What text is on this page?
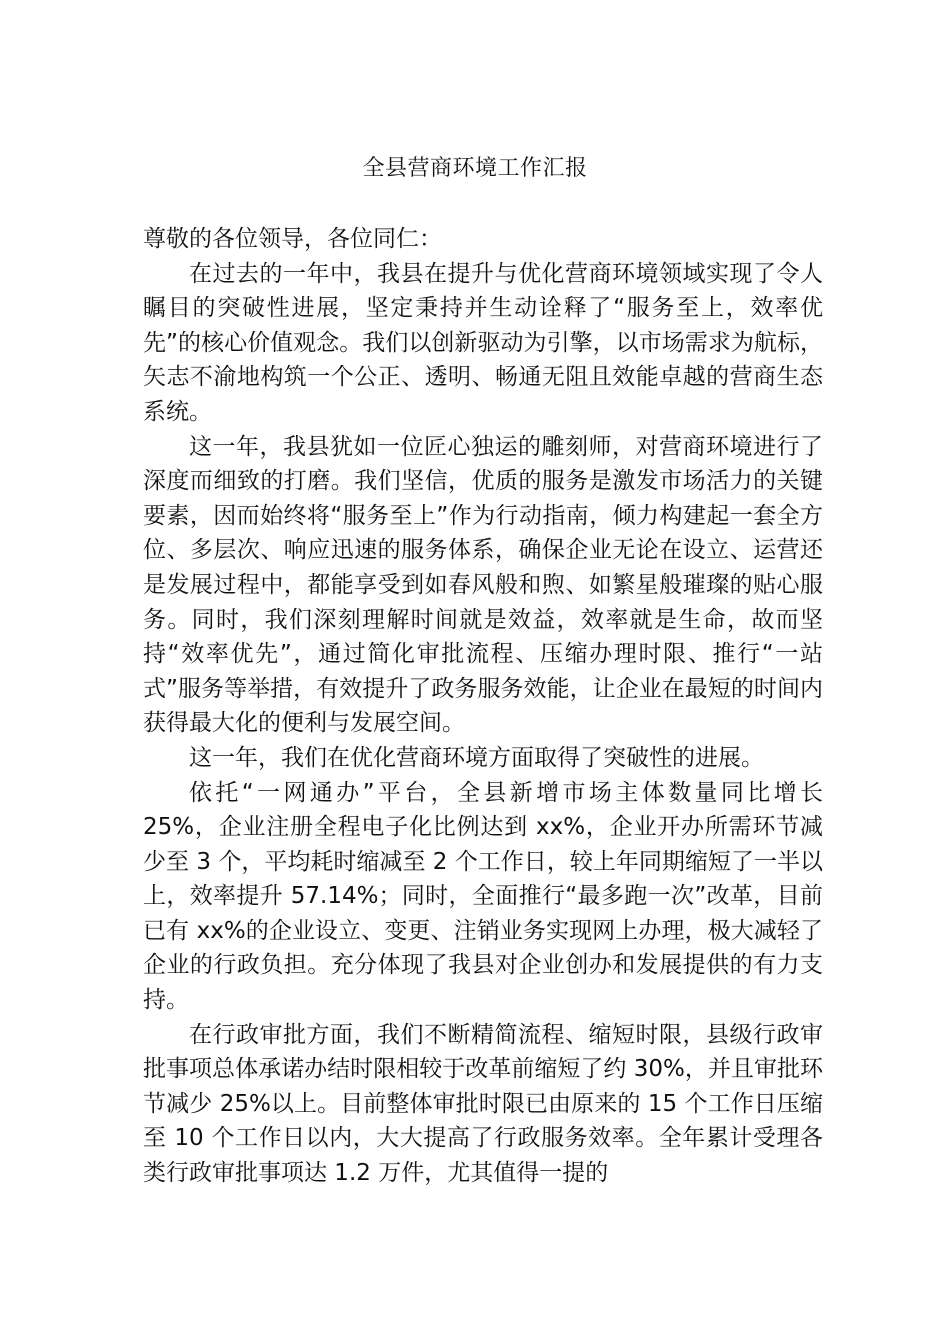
全县营商环境工作汇报

尊敬的各位领导，各位同仁：

在过去的一年中，我县在提升与优化营商环境领域实现了令人瞩目的突破性进展，坚定秉持并生动诠释了“服务至上，效率优先”的核心价值观念。我们以创新驱动为引擎，以市场需求为航标，矢志不渝地构筑一个公正、透明、畅通无阻且效能卓越的营商生态系统。

这一年，我县犹如一位匠心独运的雕刻师，对营商环境进行了深度而细致的打磨。我们坚信，优质的服务是激发市场活力的关键要素，因而始终将“服务至上”作为行动指南，倾力构建起一套全方位、多层次、响应迅速的服务体系，确保企业无论在设立、运营还是发展过程中，都能享受到如春风般和煦、如繁星般璀璨的贴心服务。同时，我们深刻理解时间就是效益，效率就是生命，故而坚持“效率优先”，通过简化审批流程、压缩办理时限、推行“一站式”服务等举措，有效提升了政务服务效能，让企业在最短的时间内获得最大化的便利与发展空间。

这一年，我们在优化营商环境方面取得了突破性的进展。

依托“一网通办”平台，全县新增市场主体数量同比增长 25%，企业注册全程电子化比例达到 xx%，企业开办所需环节减少至 3 个，平均耗时缩减至 2 个工作日，较上年同期缩短了一半以上，效率提升 57.14%；同时，全面推行“最多跑一次”改革，目前已有 xx%的企业设立、变更、注销业务实现网上办理，极大减轻了企业的行政负担。充分体现了我县对企业创办和发展提供的有力支持。

在行政审批方面，我们不断精简流程、缩短时限，县级行政审批事项总体承诺办结时限相较于改革前缩短了约 30%，并且审批环节减少 25%以上。目前整体审批时限已由原来的 15 个工作日压缩至 10 个工作日以内，大大提高了行政服务效率。全年累计受理各类行政审批事项达 1.2 万件，尤其值得一提的
